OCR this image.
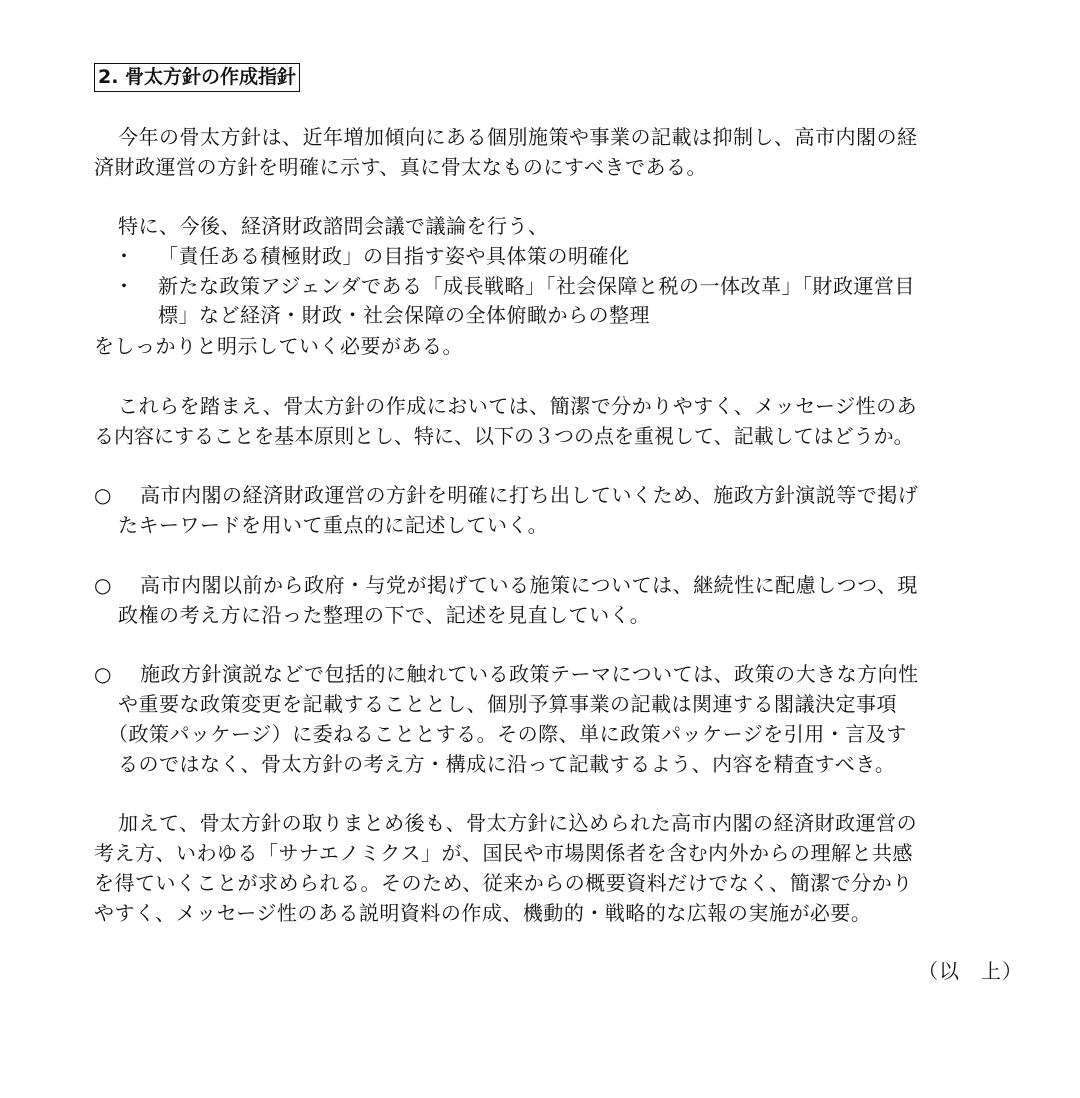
2. 骨太方針の作成指針
今年の骨太方針は、近年増加傾向にある個別施策や事業の記載は抑制し、高市内閣の経
済財政運営の方針を明確に示す、真に骨太なものにすべきである。
特に、今後、経済財政諮問会議で議論を行う、
・ 「責任ある積極財政」の目指す姿や具体策の明確化
・ 新たな政策アジェンダである「成長戦略」「社会保障と税の一体改革」「財政運営目
標」など経済・財政・社会保障の全体俯瞰からの整理
をしっかりと明示していく必要がある。
これらを踏まえ、骨太方針の作成においては、簡潔で分かりやすく、メッセージ性のあ
る内容にすることを基本原則とし、特に、以下の３つの点を重視して、記載してはどうか。
○ 高市内閣の経済財政運営の方針を明確に打ち出していくため、施政方針演説等で掲げ
たキーワードを用いて重点的に記述していく。
○ 高市内閣以前から政府・与党が掲げている施策については、継続性に配慮しつつ、現
政権の考え方に沿った整理の下で、記述を見直していく。
○ 施政方針演説などで包括的に触れている政策テーマについては、政策の大きな方向性
や重要な政策変更を記載することとし、個別予算事業の記載は関連する閣議決定事項
（政策パッケージ）に委ねることとする。その際、単に政策パッケージを引用・言及す
るのではなく、骨太方針の考え方・構成に沿って記載するよう、内容を精査すべき。
加えて、骨太方針の取りまとめ後も、骨太方針に込められた高市内閣の経済財政運営の
考え方、いわゆる「サナエノミクス」が、国民や市場関係者を含む内外からの理解と共感
を得ていくことが求められる。そのため、従来からの概要資料だけでなく、簡潔で分かり
やすく、メッセージ性のある説明資料の作成、機動的・戦略的な広報の実施が必要。
（以　上）
